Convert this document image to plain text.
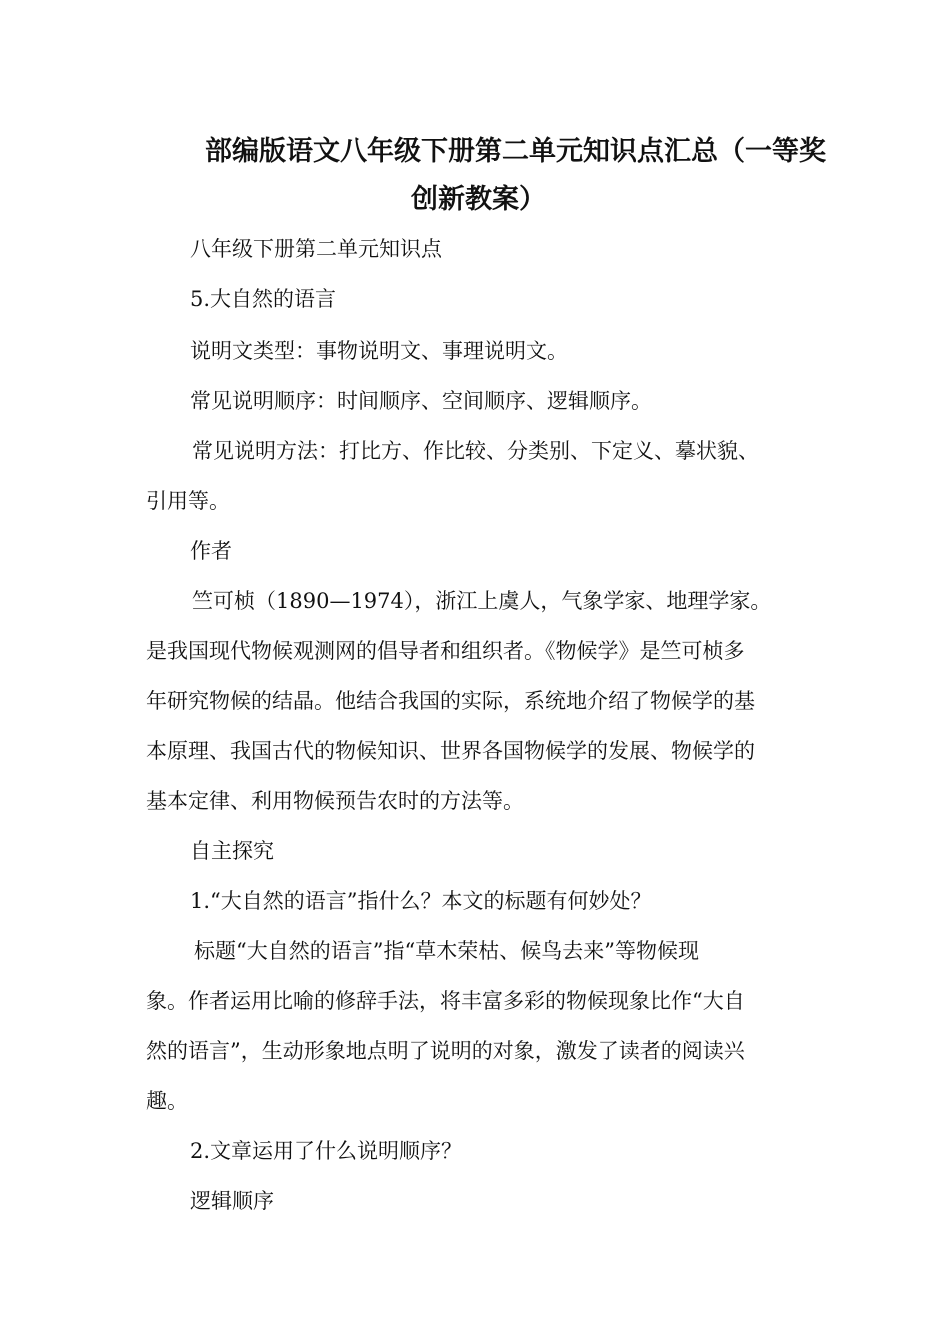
部编版语文八年级下册第二单元知识点汇总（一等奖
创新教案）
八年级下册第二单元知识点
5.大自然的语言
说明文类型：事物说明文、事理说明文。
常见说明顺序：时间顺序、空间顺序、逻辑顺序。
常见说明方法：打比方、作比较、分类别、下定义、摹状貌、
引用等。
作者
竺可桢（1890—1974），浙江上虞人，气象学家、地理学家。
是我国现代物候观测网的倡导者和组织者。《物候学》是竺可桢多
年研究物候的结晶。他结合我国的实际，系统地介绍了物候学的基
本原理、我国古代的物候知识、世界各国物候学的发展、物候学的
基本定律、利用物候预告农时的方法等。
自主探究
1.“大自然的语言”指什么？本文的标题有何妙处？
标题“大自然的语言”指“草木荣枯、候鸟去来”等物候现
象。作者运用比喻的修辞手法，将丰富多彩的物候现象比作“大自
然的语言”，生动形象地点明了说明的对象，激发了读者的阅读兴
趣。
2.文章运用了什么说明顺序？
逻辑顺序
